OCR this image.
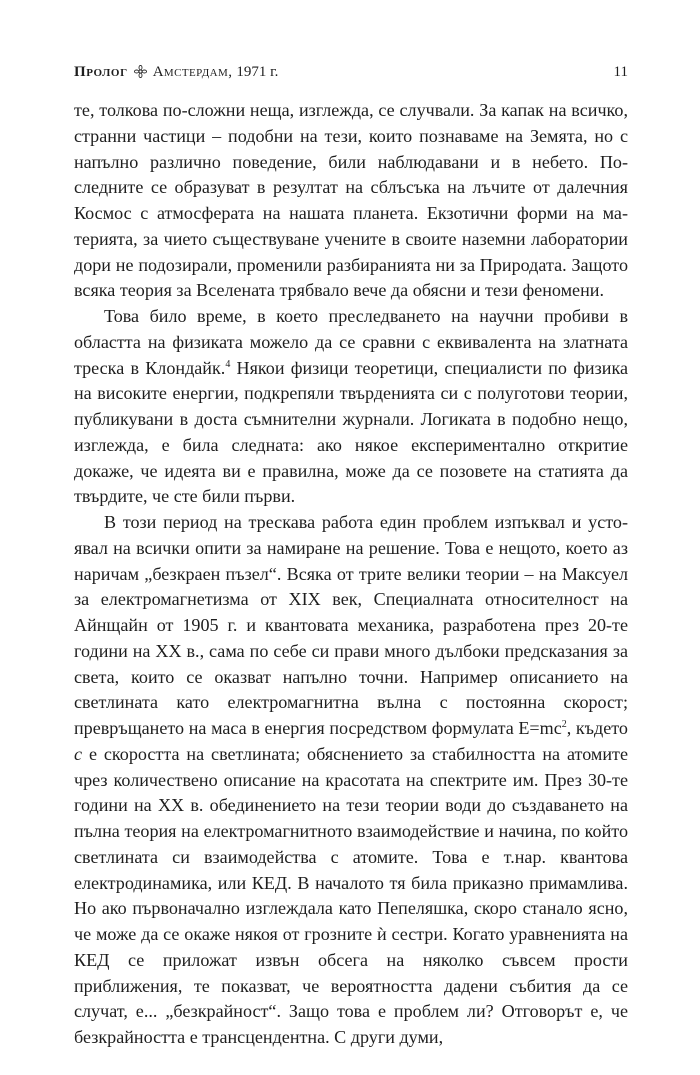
Пролог Амстердам, 1971 г.	11

те, толкова по-сложни неща, изглежда, се случвали. За капак на всичко, странни частици – подобни на тези, които познаваме на Земята, но с напълно различно поведение, били наблюдавани и в небето. Последните се образуват в резултат на сблъсъка на лъчите от далечния Космос с атмосферата на нашата планета. Екзотични форми на материята, за чието съществуване учените в своите наземни лаборатории дори не подозирали, променили разбиранията ни за Природата. Защото всяка теория за Вселената трябвало вече да обясни и тези феномени.

Това било време, в което преследването на научни пробиви в областта на физиката можело да се сравни с еквивалента на златната треска в Клондайк.$^4$ Някои физици теоретици, специалисти по физика на високите енергии, подкрепяли твърденията си с полуготови теории, публикувани в доста съмнителни журнали. Логиката в подобно нещо, изглежда, е била следната: ако някое експериментално откритие докаже, че идеята ви е правилна, може да се позовете на статията да твърдите, че сте били първи.

В този период на трескава работа един проблем изпъквал и устоявал на всички опити за намиране на решение. Това е нещото, което аз наричам „безкраен пъзел“. Всяка от трите велики теории – на Максуел за електромагнетизма от XIX век, Специалната относителност на Айнщайн от 1905 г. и квантовата механика, разработена през 20-те години на XX в., сама по себе си прави много дълбоки предсказания за света, които се оказват напълно точни. Например описанието на светлината като електромагнитна вълна с постоянна скорост; превръщането на маса в енергия посредством формулата $E=mc^2$, където c е скоростта на светлината; обяснението за стабилността на атомите чрез количествено описание на красотата на спектрите им. През 30-те години на XX в. обединението на тези теории води до създаването на пълна теория на електромагнитното взаимодействие и начина, по който светлината си взаимодейства с атомите. Това е т.нар. квантова електродинамика, или КЕД. В началото тя била приказно примамлива. Но ако първоначално изглеждала като Пепеляшка, скоро станало ясно, че може да се окаже някоя от грозните ѝ сестри. Когато уравненията на КЕД се приложат извън обсега на няколко съвсем прости приближения, те показват, че вероятността дадени събития да се случат, е... „безкрайност“. Защо това е проблем ли? Отговорът е, че безкрайността е трансцендентна. С други думи,
